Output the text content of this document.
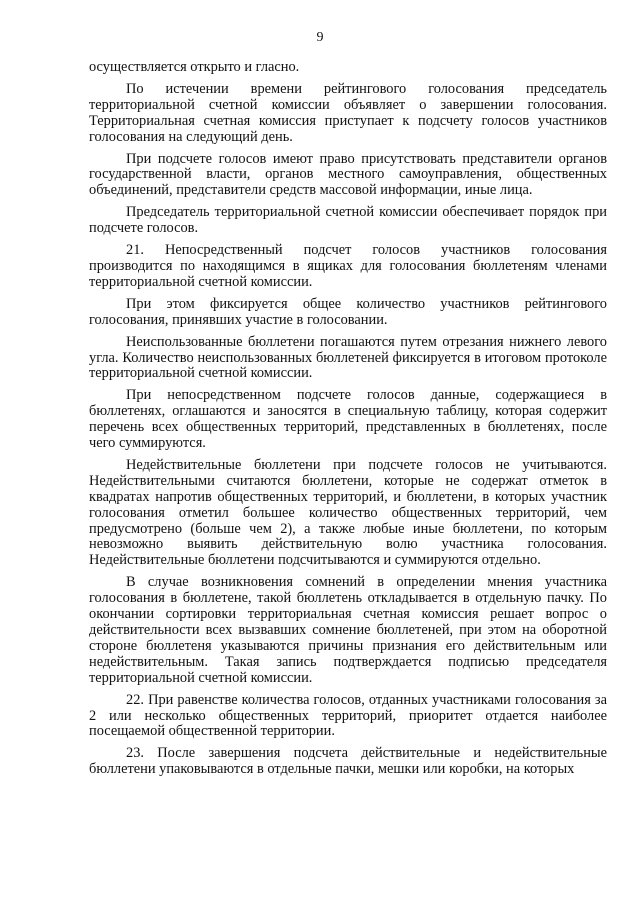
9

осуществляется открыто и гласно.

По истечении времени рейтингового голосования председатель территориальной счетной комиссии объявляет о завершении голосования. Территориальная счетная комиссия приступает к подсчету голосов участников голосования на следующий день.

При подсчете голосов имеют право присутствовать представители органов государственной власти, органов местного самоуправления, общественных объединений, представители средств массовой информации, иные лица.

Председатель территориальной счетной комиссии обеспечивает порядок при подсчете голосов.

21. Непосредственный подсчет голосов участников голосования производится по находящимся в ящиках для голосования бюллетеням членами территориальной счетной комиссии.

При этом фиксируется общее количество участников рейтингового голосования, принявших участие в голосовании.

Неиспользованные бюллетени погашаются путем отрезания нижнего левого угла. Количество неиспользованных бюллетеней фиксируется в итоговом протоколе территориальной счетной комиссии.

При непосредственном подсчете голосов данные, содержащиеся в бюллетенях, оглашаются и заносятся в специальную таблицу, которая содержит перечень всех общественных территорий, представленных в бюллетенях, после чего суммируются.

Недействительные бюллетени при подсчете голосов не учитываются. Недействительными считаются бюллетени, которые не содержат отметок в квадратах напротив общественных территорий, и бюллетени, в которых участник голосования отметил большее количество общественных территорий, чем предусмотрено (больше чем 2), а также любые иные бюллетени, по которым невозможно выявить действительную волю участника голосования. Недействительные бюллетени подсчитываются и суммируются отдельно.

В случае возникновения сомнений в определении мнения участника голосования в бюллетене, такой бюллетень откладывается в отдельную пачку. По окончании сортировки территориальная счетная комиссия решает вопрос о действительности всех вызвавших сомнение бюллетеней, при этом на оборотной стороне бюллетеня указываются причины признания его действительным или недействительным. Такая запись подтверждается подписью председателя территориальной счетной комиссии.

22. При равенстве количества голосов, отданных участниками голосования за 2 или несколько общественных территорий, приоритет отдается наиболее посещаемой общественной территории.

23. После завершения подсчета действительные и недействительные бюллетени упаковываются в отдельные пачки, мешки или коробки, на которых
